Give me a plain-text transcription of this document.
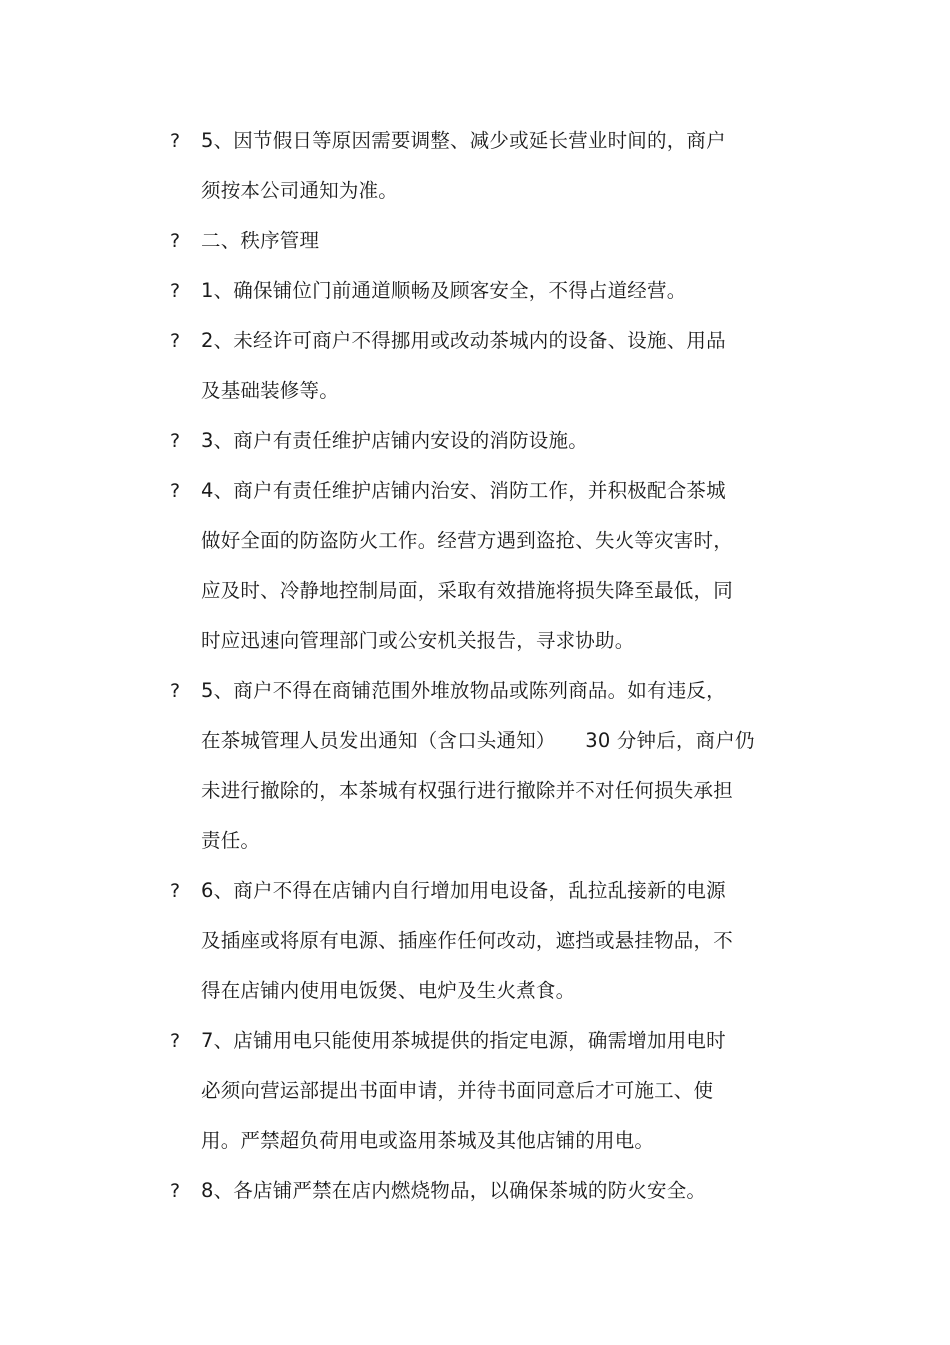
?	5、因节假日等原因需要调整、减少或延长营业时间的，商户
须按本公司通知为准。
?	二、秩序管理
?	1、确保铺位门前通道顺畅及顾客安全，不得占道经营。
?	2、未经许可商户不得挪用或改动茶城内的设备、设施、用品
及基础装修等。
?	3、商户有责任维护店铺内安设的消防设施。
?	4、商户有责任维护店铺内治安、消防工作，并积极配合茶城
做好全面的防盗防火工作。经营方遇到盗抢、失火等灾害时，
应及时、冷静地控制局面，采取有效措施将损失降至最低，同
时应迅速向管理部门或公安机关报告，寻求协助。
?	5、商户不得在商铺范围外堆放物品或陈列商品。如有违反，
在茶城管理人员发出通知（含口头通知）　　30 分钟后，商户仍
未进行撤除的，本茶城有权强行进行撤除并不对任何损失承担
责任。
?	6、商户不得在店铺内自行增加用电设备，乱拉乱接新的电源
及插座或将原有电源、插座作任何改动，遮挡或悬挂物品，不
得在店铺内使用电饭煲、电炉及生火煮食。
?	7、店铺用电只能使用茶城提供的指定电源，确需增加用电时
必须向营运部提出书面申请，并待书面同意后才可施工、使
用。严禁超负荷用电或盗用茶城及其他店铺的用电。
?	8、各店铺严禁在店内燃烧物品，以确保茶城的防火安全。
